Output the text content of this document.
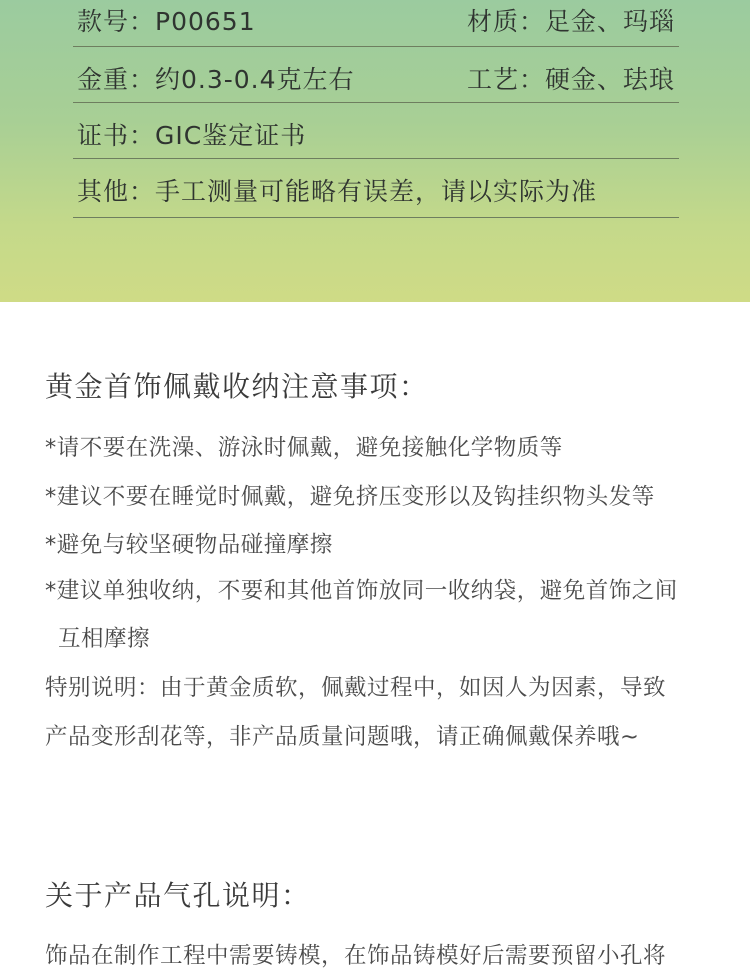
款号：P00651	材质：足金、玛瑙
金重：约0.3-0.4克左右	工艺：硬金、珐琅
证书：GIC鉴定证书
其他：手工测量可能略有误差，请以实际为准
黄金首饰佩戴收纳注意事项：
*请不要在洗澡、游泳时佩戴，避免接触化学物质等
*建议不要在睡觉时佩戴，避免挤压变形以及钩挂织物头发等
*避免与较坚硬物品碰撞摩擦
*建议单独收纳，不要和其他首饰放同一收纳袋，避免首饰之间
互相摩擦
特别说明：由于黄金质软，佩戴过程中，如因人为因素，导致
产品变形刮花等，非产品质量问题哦，请正确佩戴保养哦~
关于产品气孔说明：
饰品在制作工程中需要铸模，在饰品铸模好后需要预留小孔将
